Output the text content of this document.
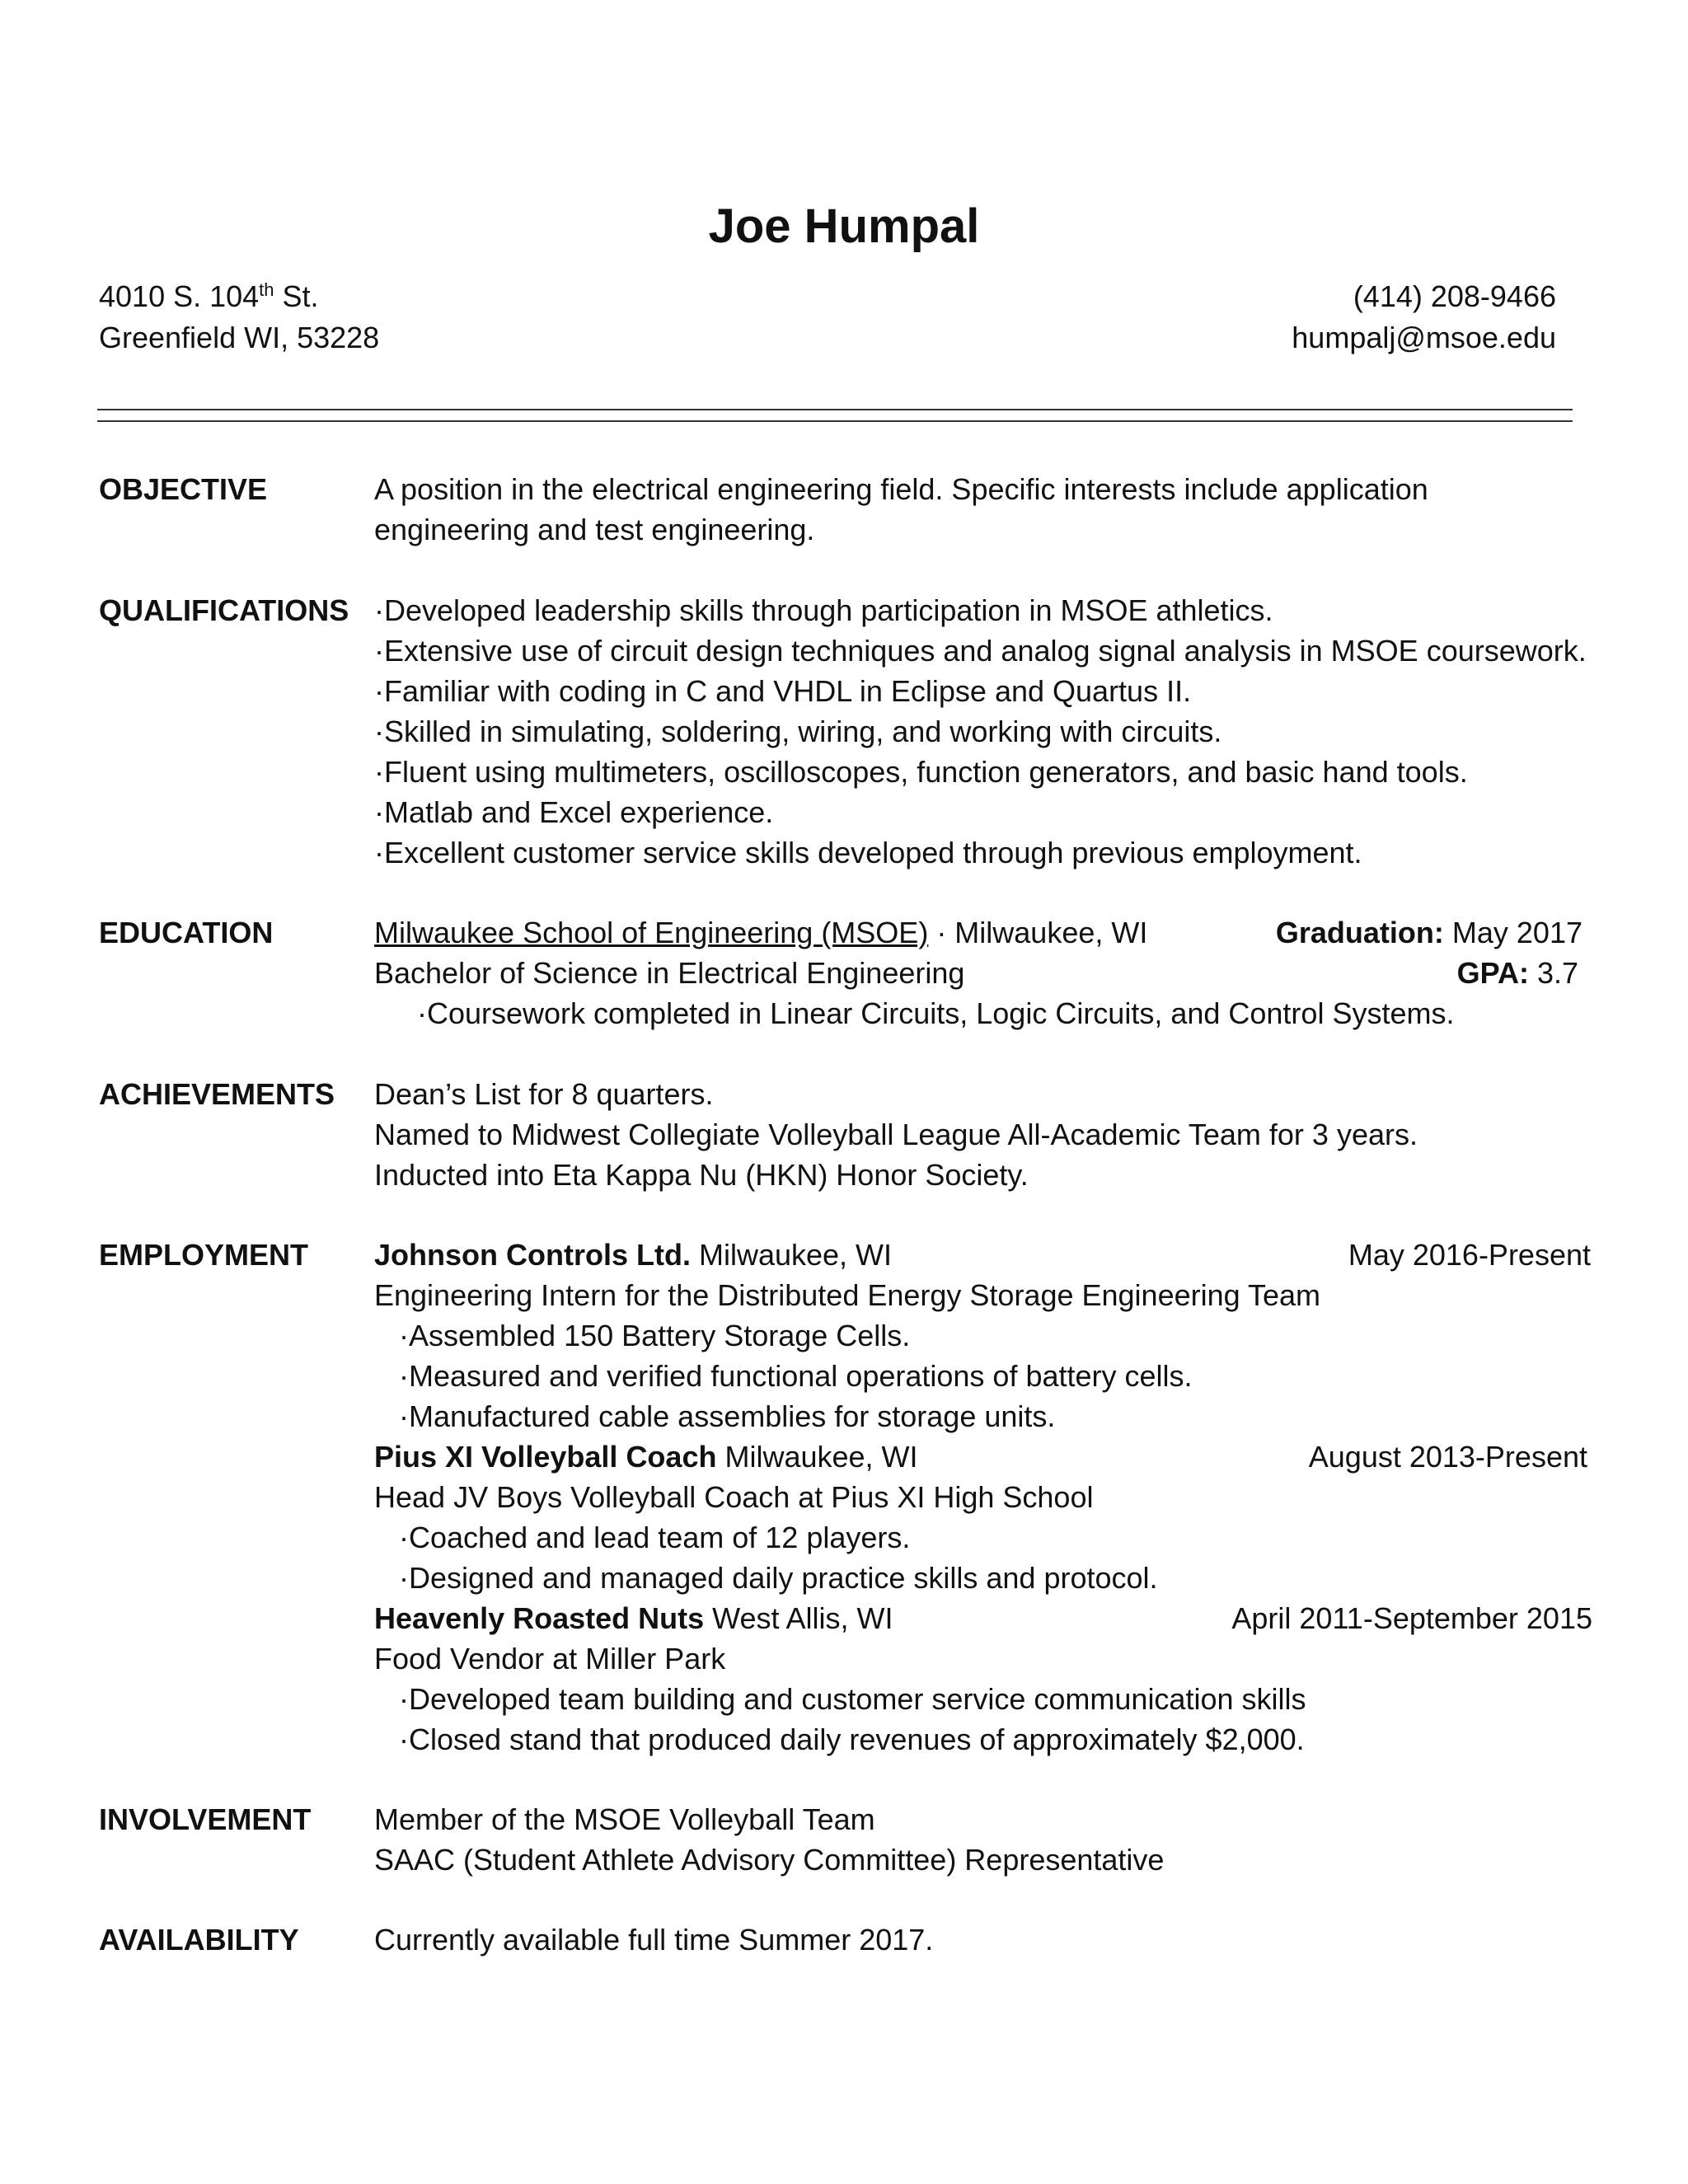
Joe Humpal
4010 S. 104th St.
Greenfield WI, 53228
(414) 208-9466
humpalj@msoe.edu
OBJECTIVE	A position in the electrical engineering field. Specific interests include application
engineering and test engineering.
QUALIFICATIONS ·Developed leadership skills through participation in MSOE athletics.
·Extensive use of circuit design techniques and analog signal analysis in MSOE coursework.
·Familiar with coding in C and VHDL in Eclipse and Quartus II.
·Skilled in simulating, soldering, wiring, and working with circuits.
·Fluent using multimeters, oscilloscopes, function generators, and basic hand tools.
·Matlab and Excel experience.
·Excellent customer service skills developed through previous employment.
EDUCATION	Milwaukee School of Engineering (MSOE) · Milwaukee, WI	Graduation: May 2017
Bachelor of Science in Electrical Engineering	GPA: 3.7
·Coursework completed in Linear Circuits, Logic Circuits, and Control Systems.
ACHIEVEMENTS Dean’s List for 8 quarters.
Named to Midwest Collegiate Volleyball League All-Academic Team for 3 years.
Inducted into Eta Kappa Nu (HKN) Honor Society.
EMPLOYMENT Johnson Controls Ltd. Milwaukee, WI	May 2016-Present
Engineering Intern for the Distributed Energy Storage Engineering Team
·Assembled 150 Battery Storage Cells.
·Measured and verified functional operations of battery cells.
·Manufactured cable assemblies for storage units.
Pius XI Volleyball Coach Milwaukee, WI	August 2013-Present
Head JV Boys Volleyball Coach at Pius XI High School
·Coached and lead team of 12 players.
·Designed and managed daily practice skills and protocol.
Heavenly Roasted Nuts West Allis, WI	April 2011-September 2015
Food Vendor at Miller Park
·Developed team building and customer service communication skills
·Closed stand that produced daily revenues of approximately $2,000.
INVOLVEMENT Member of the MSOE Volleyball Team
SAAC (Student Athlete Advisory Committee) Representative
AVAILABILITY	Currently available full time Summer 2017.
